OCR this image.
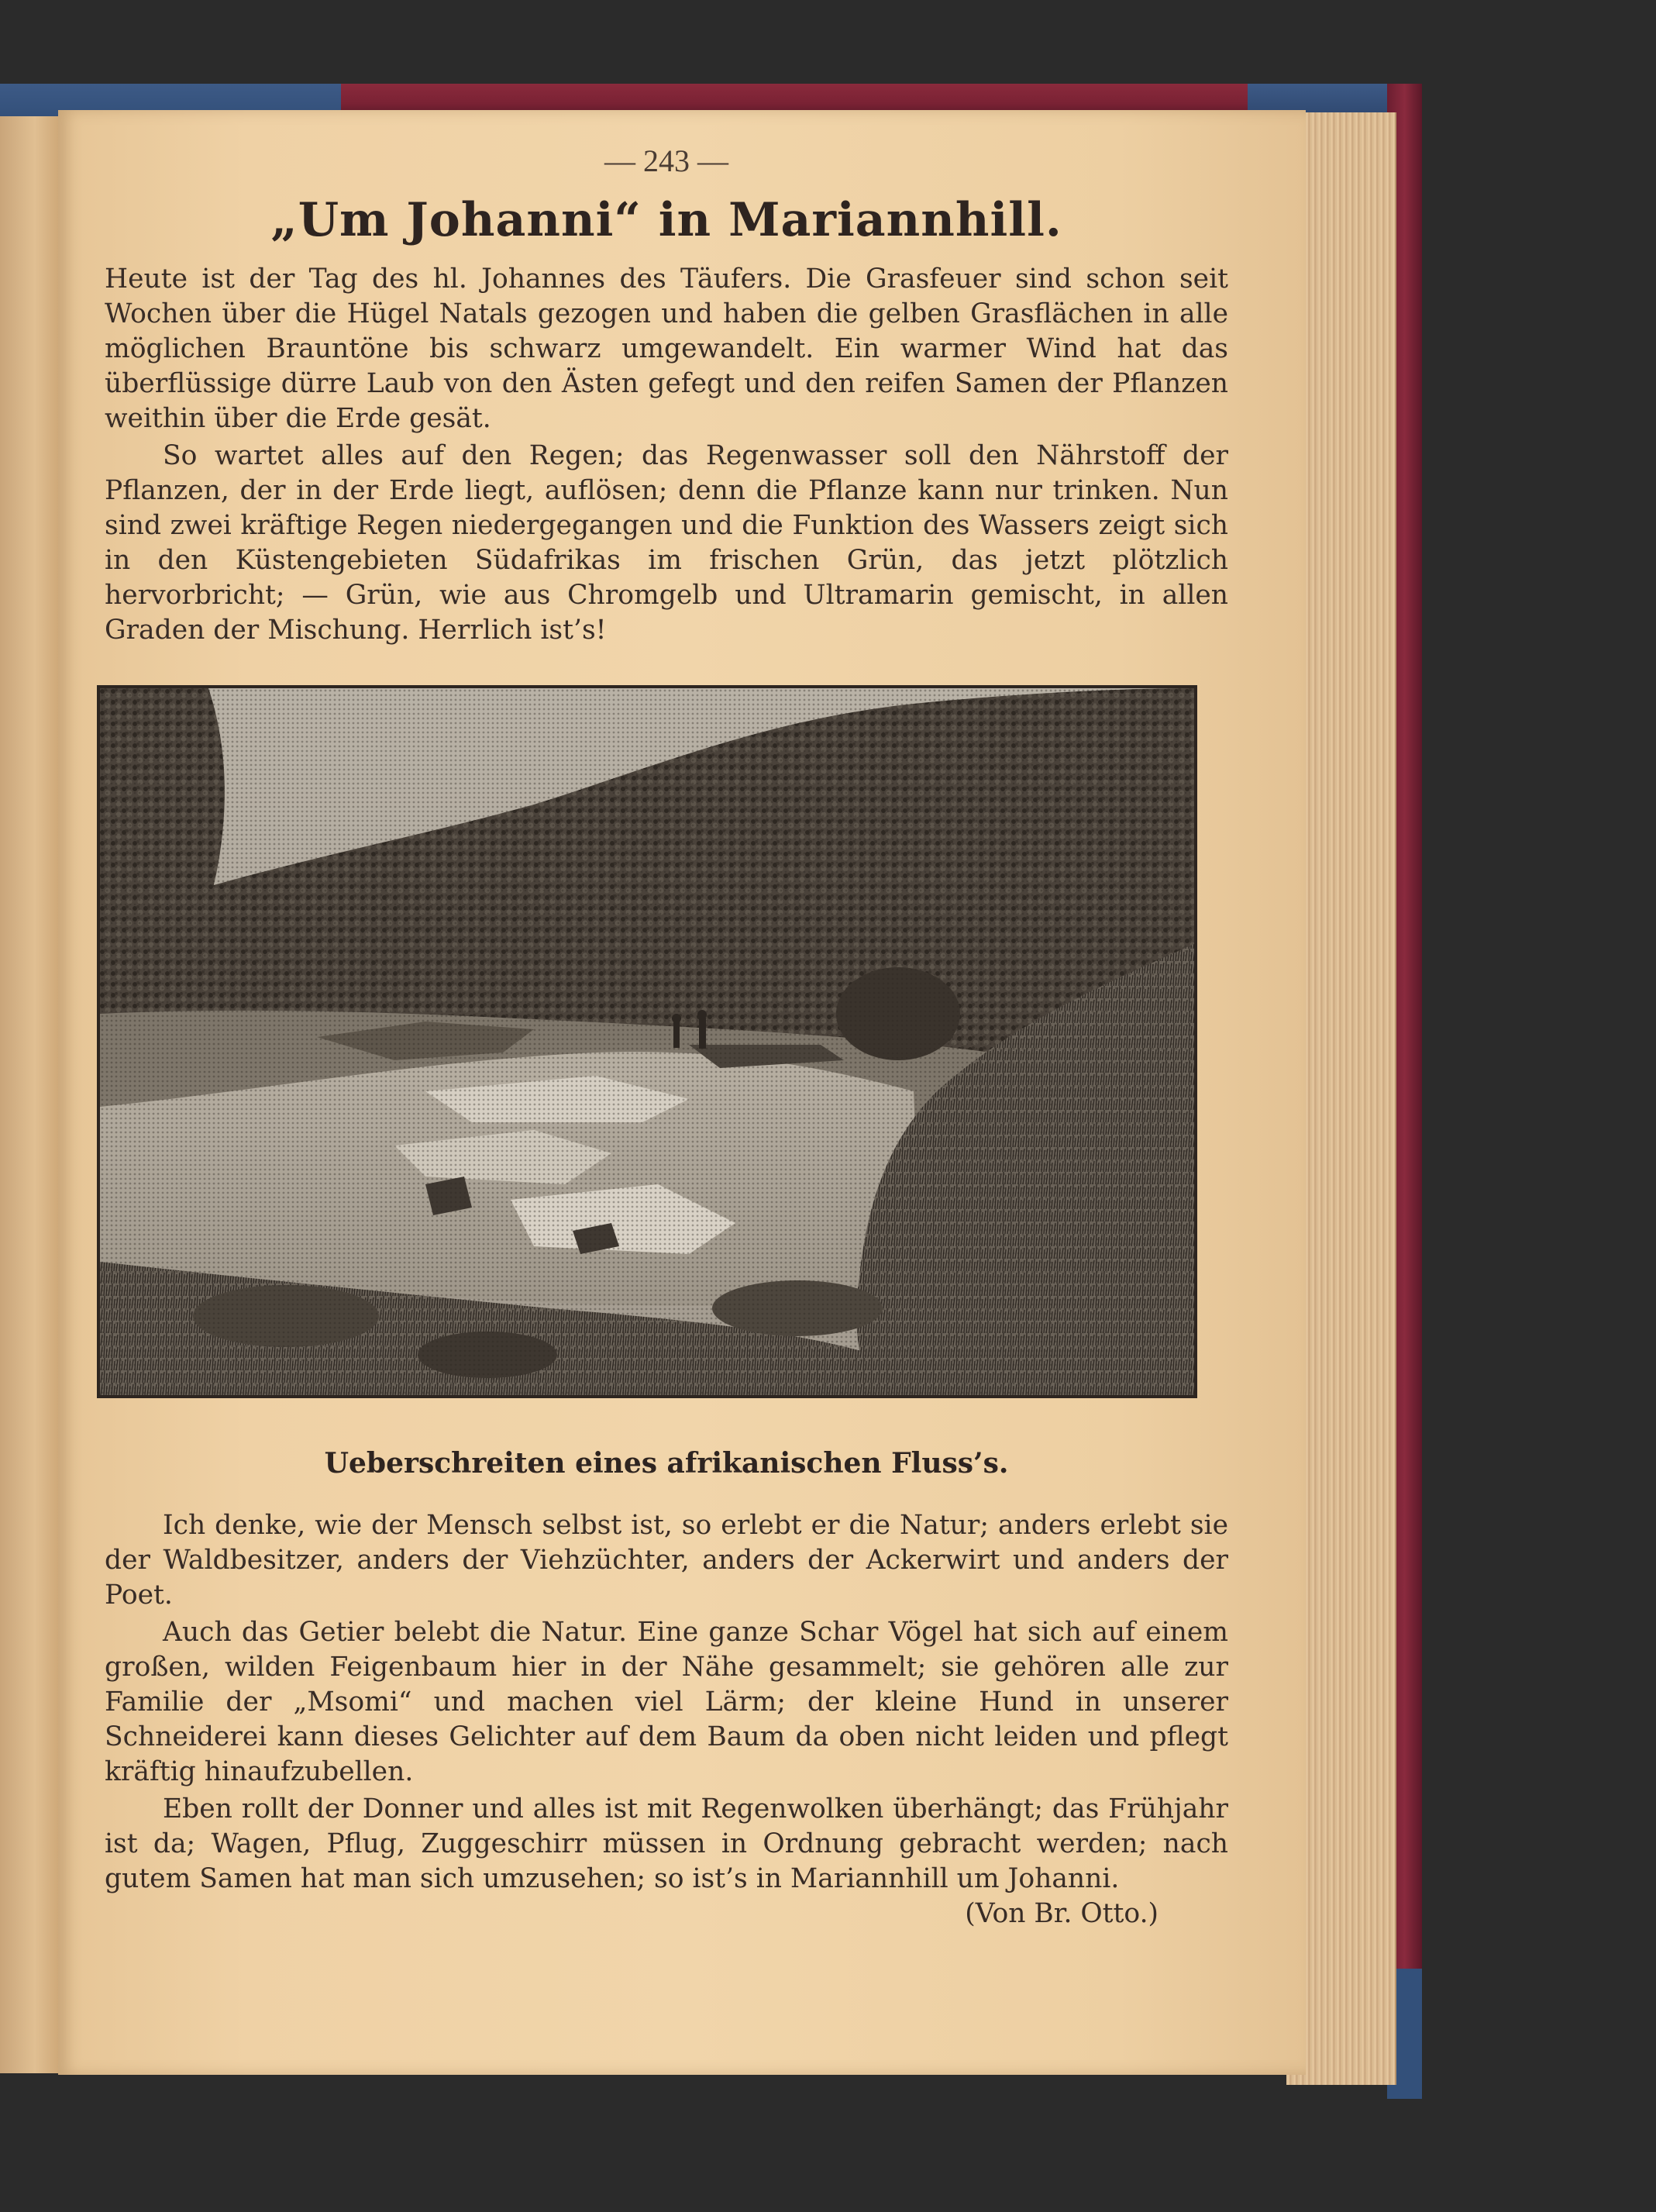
— 243 —
„Um Johanni“ in Mariannhill.

Heute ist der Tag des hl. Johannes des Täufers. Die Grasfeuer sind schon seit Wochen über die Hügel Natals gezogen und haben die gelben Grasflächen in alle möglichen Brauntöne bis schwarz umgewandelt. Ein warmer Wind hat das überflüssige dürre Laub von den Ästen gefegt und den reifen Samen der Pflanzen weithin über die Erde gesät.

So wartet alles auf den Regen; das Regenwasser soll den Nährstoff der Pflanzen, der in der Erde liegt, auflösen; denn die Pflanze kann nur trinken. Nun sind zwei kräftige Regen niedergegangen und die Funktion des Wassers zeigt sich in den Küstengebieten Südafrikas im frischen Grün, das jetzt plötzlich hervorbricht; — Grün, wie aus Chromgelb und Ultramarin gemischt, in allen Graden der Mischung. Herrlich ist’s!

Ueberschreiten eines afrikanischen Fluss’s.

Ich denke, wie der Mensch selbst ist, so erlebt er die Natur; anders erlebt sie der Waldbesitzer, anders der Viehzüchter, anders der Ackerwirt und anders der Poet.

Auch das Getier belebt die Natur. Eine ganze Schar Vögel hat sich auf einem großen, wilden Feigenbaum hier in der Nähe gesammelt; sie gehören alle zur Familie der „Msomi“ und machen viel Lärm; der kleine Hund in unserer Schneiderei kann dieses Gelichter auf dem Baum da oben nicht leiden und pflegt kräftig hinaufzubellen.

Eben rollt der Donner und alles ist mit Regenwolken überhängt; das Frühjahr ist da; Wagen, Pflug, Zuggeschirr müssen in Ordnung gebracht werden; nach gutem Samen hat man sich umzusehen; so ist’s in Mariannhill um Johanni.
(Von Br. Otto.)
